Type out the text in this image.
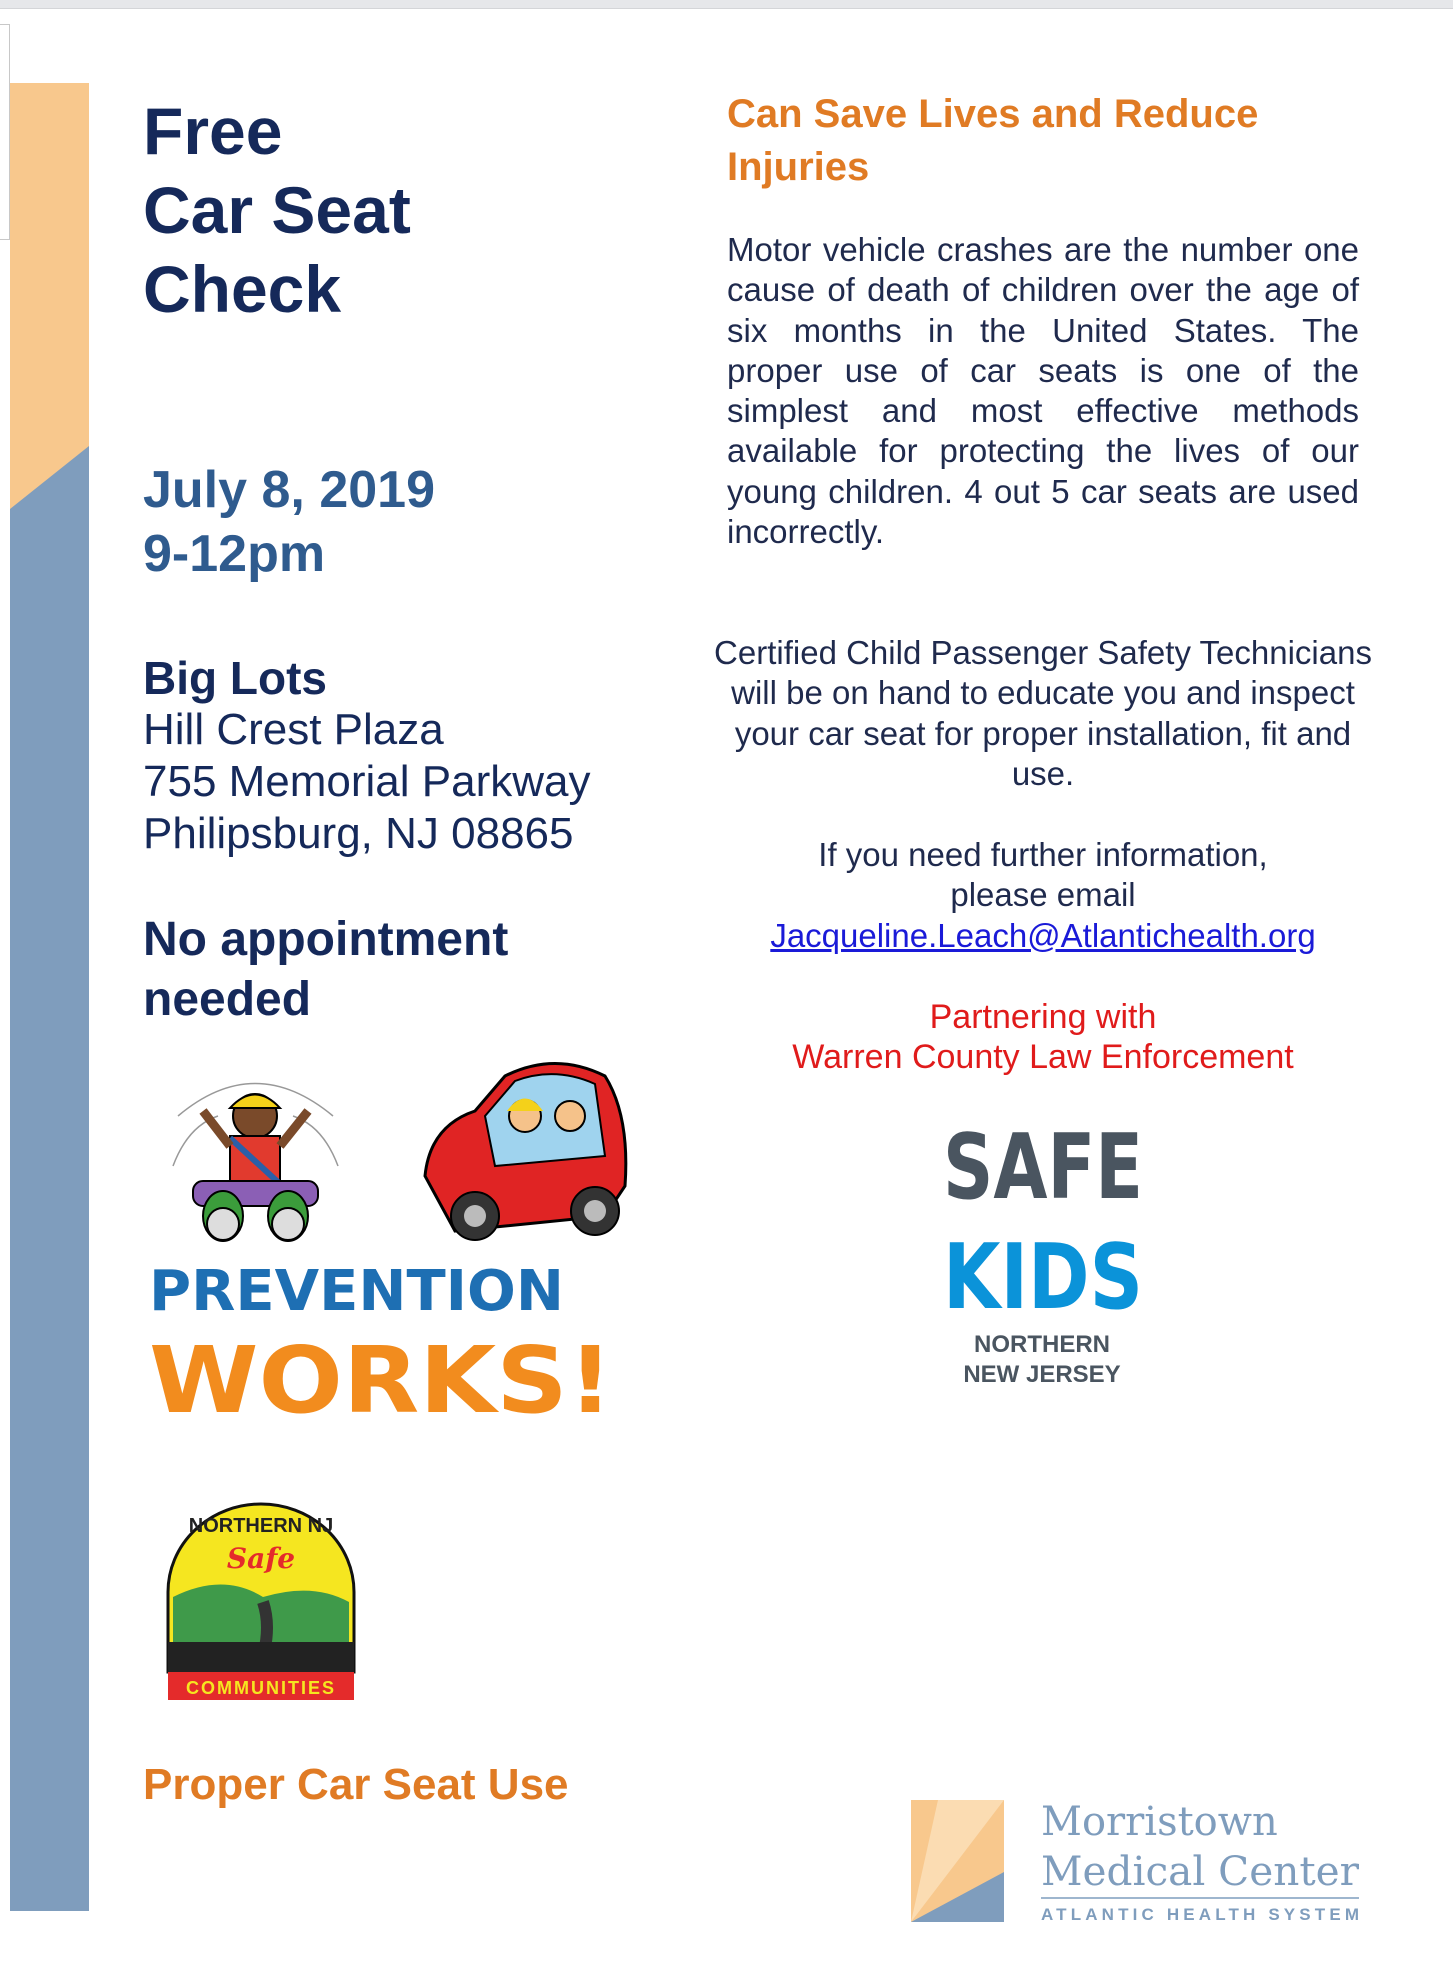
Free
Car Seat
Check
July 8, 2019
9-12pm
Big Lots
Hill Crest Plaza
755 Memorial Parkway
Philipsburg, NJ 08865
No appointment
needed
PREVENTION
WORKS!
NORTHERN NJ
Safe
COMMUNITIES
Proper Car Seat Use
Can Save Lives and Reduce Injuries
Motor vehicle crashes are the number one cause of death of children over the age of six months in the United States. The proper use of car seats is one of the simplest and most effective methods available for protecting the lives of our young children. 4 out 5 car seats are used incorrectly.
Certified Child Passenger Safety Technicians will be on hand to educate you and inspect your car seat for proper installation, fit and use.
If you need further information,
please email
Jacqueline.Leach@Atlantichealth.org
Partnering with
Warren County Law Enforcement
SAFE
KIDS
NORTHERN
NEW JERSEY
Morristown
Medical Center
ATLANTIC HEALTH SYSTEM
